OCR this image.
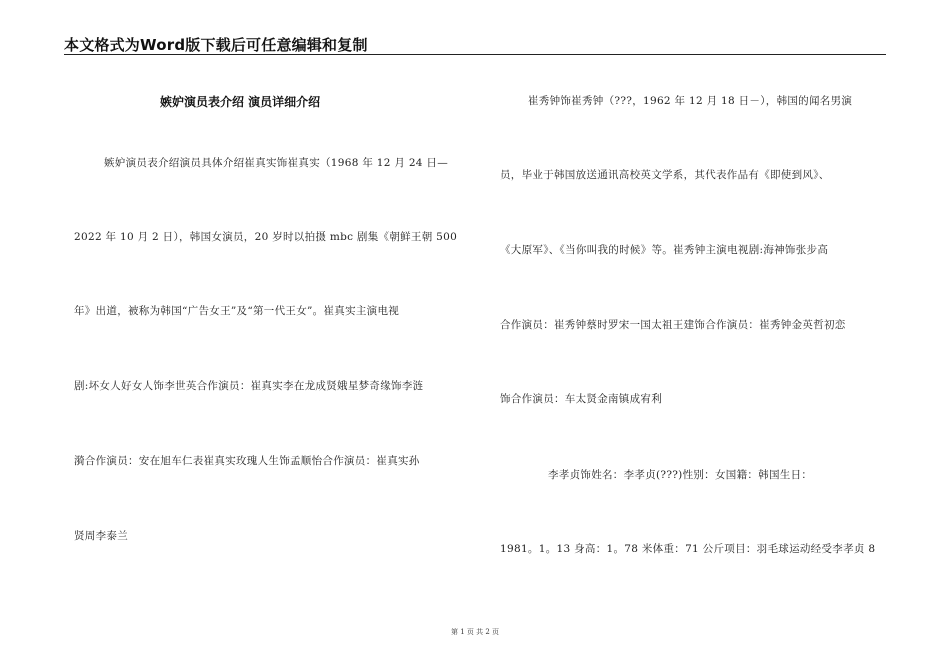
本文格式为Word版下载后可任意编辑和复制
嫉妒演员表介绍 演员详细介绍
嫉妒演员表介绍演员具体介绍崔真实饰崔真实（1968 年 12 月 24 日—
2022 年 10 月 2 日），韩国女演员，20 岁时以拍摄 mbc 剧集《朝鲜王朝 500
年》出道，被称为韩国“广告女王”及“第一代王女”。崔真实主演电视
剧:坏女人好女人饰李世英合作演员：崔真实李在龙成贤娥星梦奇缘饰李涟
漪合作演员：安在旭车仁表崔真实玫瑰人生饰孟顺怡合作演员：崔真实孙
贤周李泰兰
崔秀钟饰崔秀钟（???，1962 年 12 月 18 日－），韩国的闻名男演
员，毕业于韩国放送通讯高校英文学系，其代表作品有《即使到风》、
《大原军》、《当你叫我的时候》等。崔秀钟主演电视剧:海神饰张步高
合作演员：崔秀钟蔡时罗宋一国太祖王建饰合作演员：崔秀钟金英哲初恋
饰合作演员：车太贤金南镇成宥利
李孝贞饰姓名：李孝贞(???)性别：女国籍：韩国生日：
1981。1。13 身高：1。78 米体重：71 公斤项目：羽毛球运动经受李孝贞 8
第 1 页 共 2 页
